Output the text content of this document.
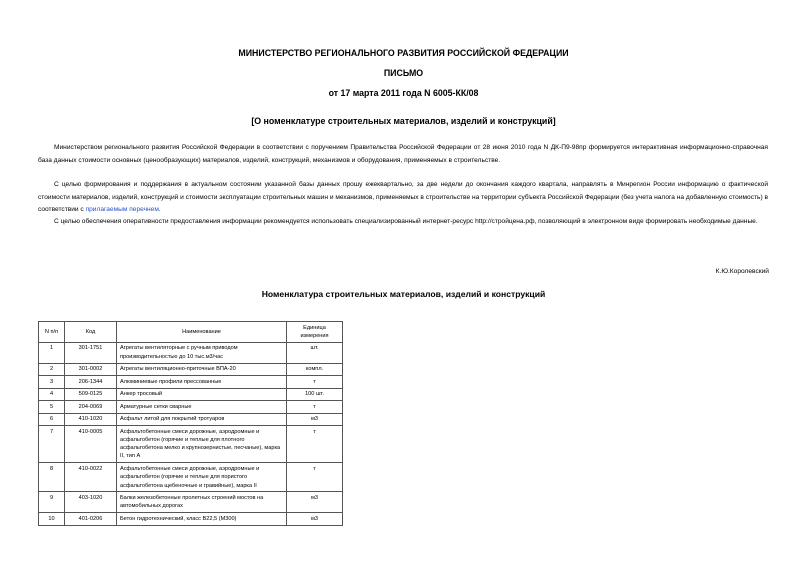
МИНИСТЕРСТВО РЕГИОНАЛЬНОГО РАЗВИТИЯ РОССИЙСКОЙ ФЕДЕРАЦИИ
ПИСЬМО
от 17 марта 2011 года N 6005-КК/08
[О номенклатуре строительных материалов, изделий и конструкций]
Министерством регионального развития Российской Федерации в соответствии с поручением Правительства Российской Федерации от 28 июня 2010 года N ДК-П9-98пр формируется интерактивная информационно-справочная база данных стоимости основных (ценообразующих) материалов, изделий, конструкций, механизмов и оборудования, применяемых в строительстве.
С целью формирования и поддержания в актуальном состоянии указанной базы данных прошу ежеквартально, за две недели до окончания каждого квартала, направлять в Минрегион России информацию о фактической стоимости материалов, изделий, конструкций и стоимости эксплуатации строительных машин и механизмов, применяемых в строительстве на территории субъекта Российской Федерации (без учета налога на добавленную стоимость) в соответствии с прилагаемым перечнем.
С целью обеспечения оперативности предоставления информации рекомендуется использовать специализированный интернет-ресурс http://стройцена.рф, позволяющий в электронном виде формировать необходимые данные.
К.Ю.Королевский
Номенклатура строительных материалов, изделий и конструкций
N п/п	Код	Наименование	Единица измерения
1	301-1751	Агрегаты вентиляторные с ручным приводом производительностью до 10 тыс.м3/час	шт.
2	301-0002	Агрегаты вентиляционно-приточные ВПА-20	компл.
3	206-1344	Алюминиевые профили прессованные	т
4	509-0125	Анкер тросовый	100 шт.
5	204-0069	Арматурные сетки сварные	т
6	410-1020	Асфальт литой для покрытий тротуаров	м3
7	410-0005	Асфальтобетонные смеси дорожные, аэродромные и асфальтобетон (горячие и теплые для плотного асфальтобетона мелко и крупнозернистые, песчаные), марка II, тип А	т
8	410-0022	Асфальтобетонные смеси дорожные, аэродромные и асфальтобетон (горячие и теплые для пористого асфальтобетона щебеночные и гравийные), марка II	т
9	403-1020	Балки железобетонные пролетных строений мостов на автомобильных дорогах	м3
10	401-0206	Бетон гидротехнический, класс В22,5 (М300)	м3
